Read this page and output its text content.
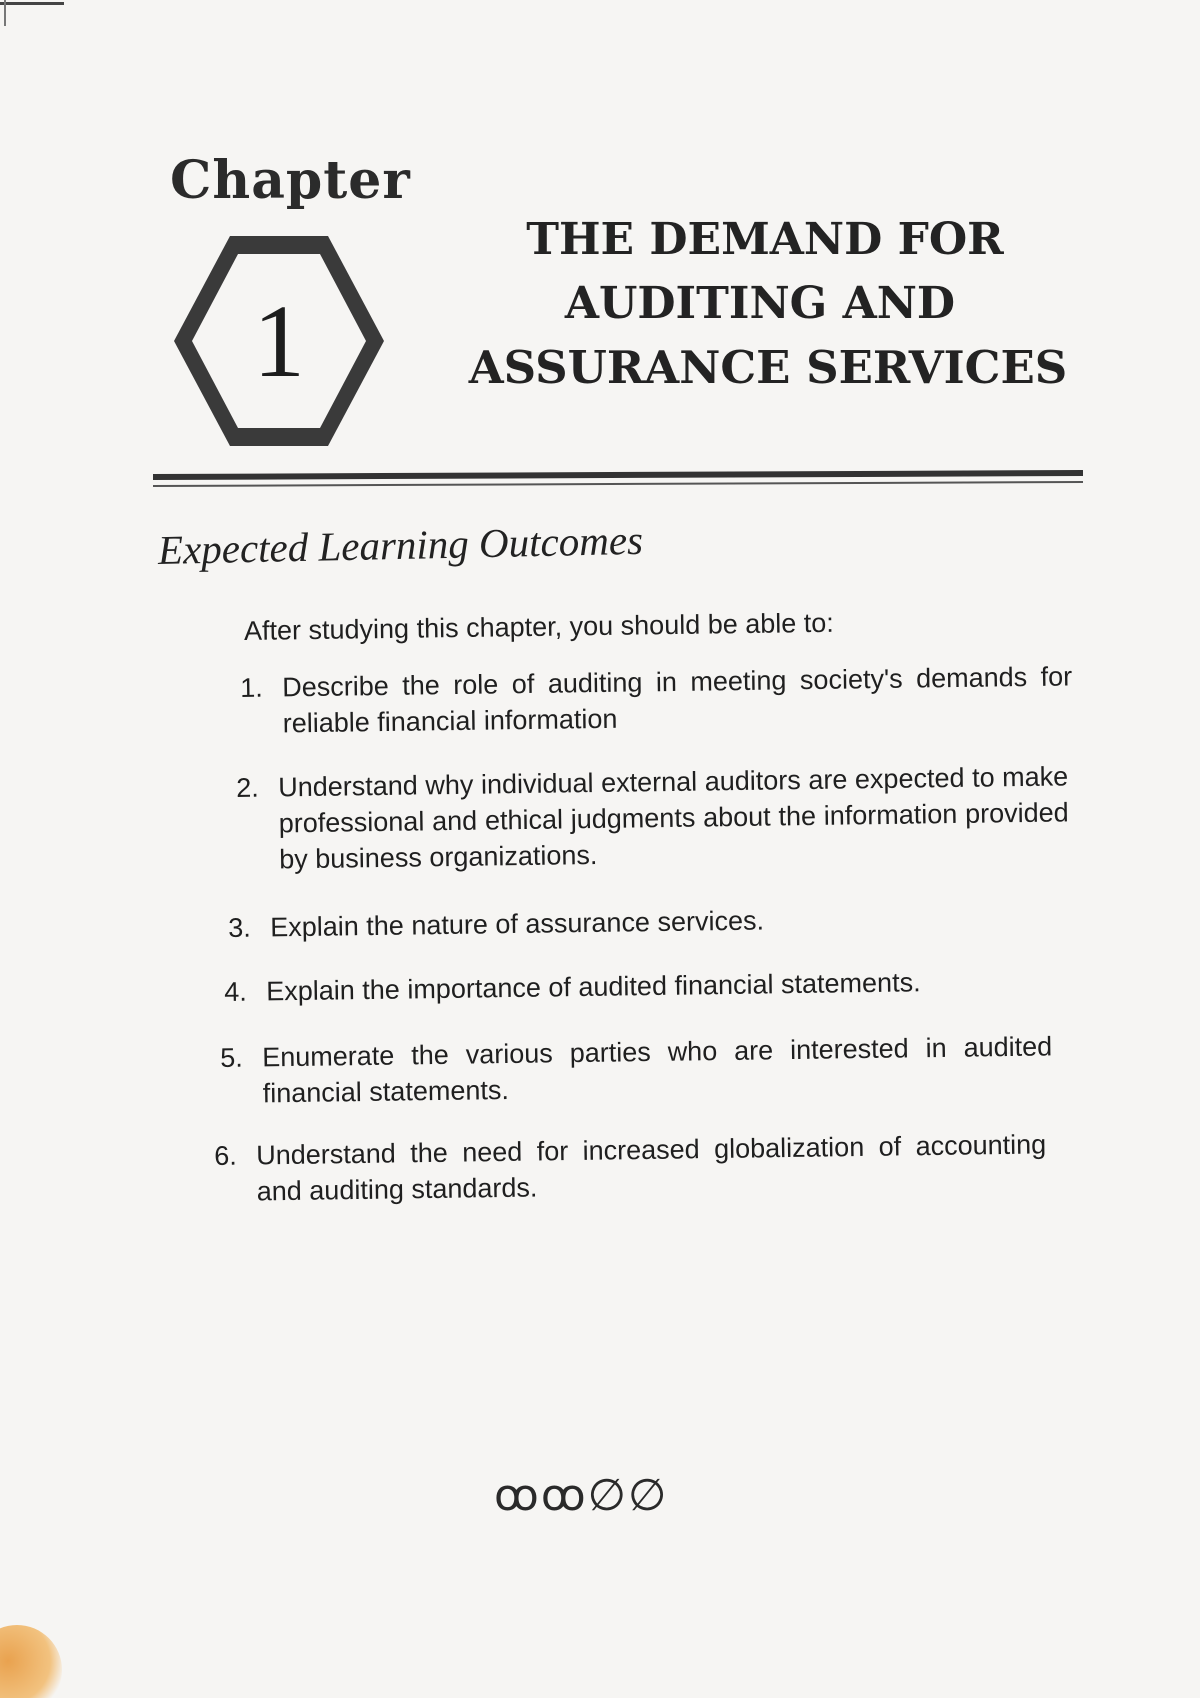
Chapter
1
THE DEMAND FOR
AUDITING AND
ASSURANCE SERVICES
Expected Learning Outcomes
After studying this chapter, you should be able to:
1. Describe the role of auditing in meeting society's demands for reliable financial information
2. Understand why individual external auditors are expected to make professional and ethical judgments about the information provided by business organizations.
3. Explain the nature of assurance services.
4. Explain the importance of audited financial statements.
5. Enumerate the various parties who are interested in audited financial statements.
6. Understand the need for increased globalization of accounting and auditing standards.
ꝏꝏ∅∅
